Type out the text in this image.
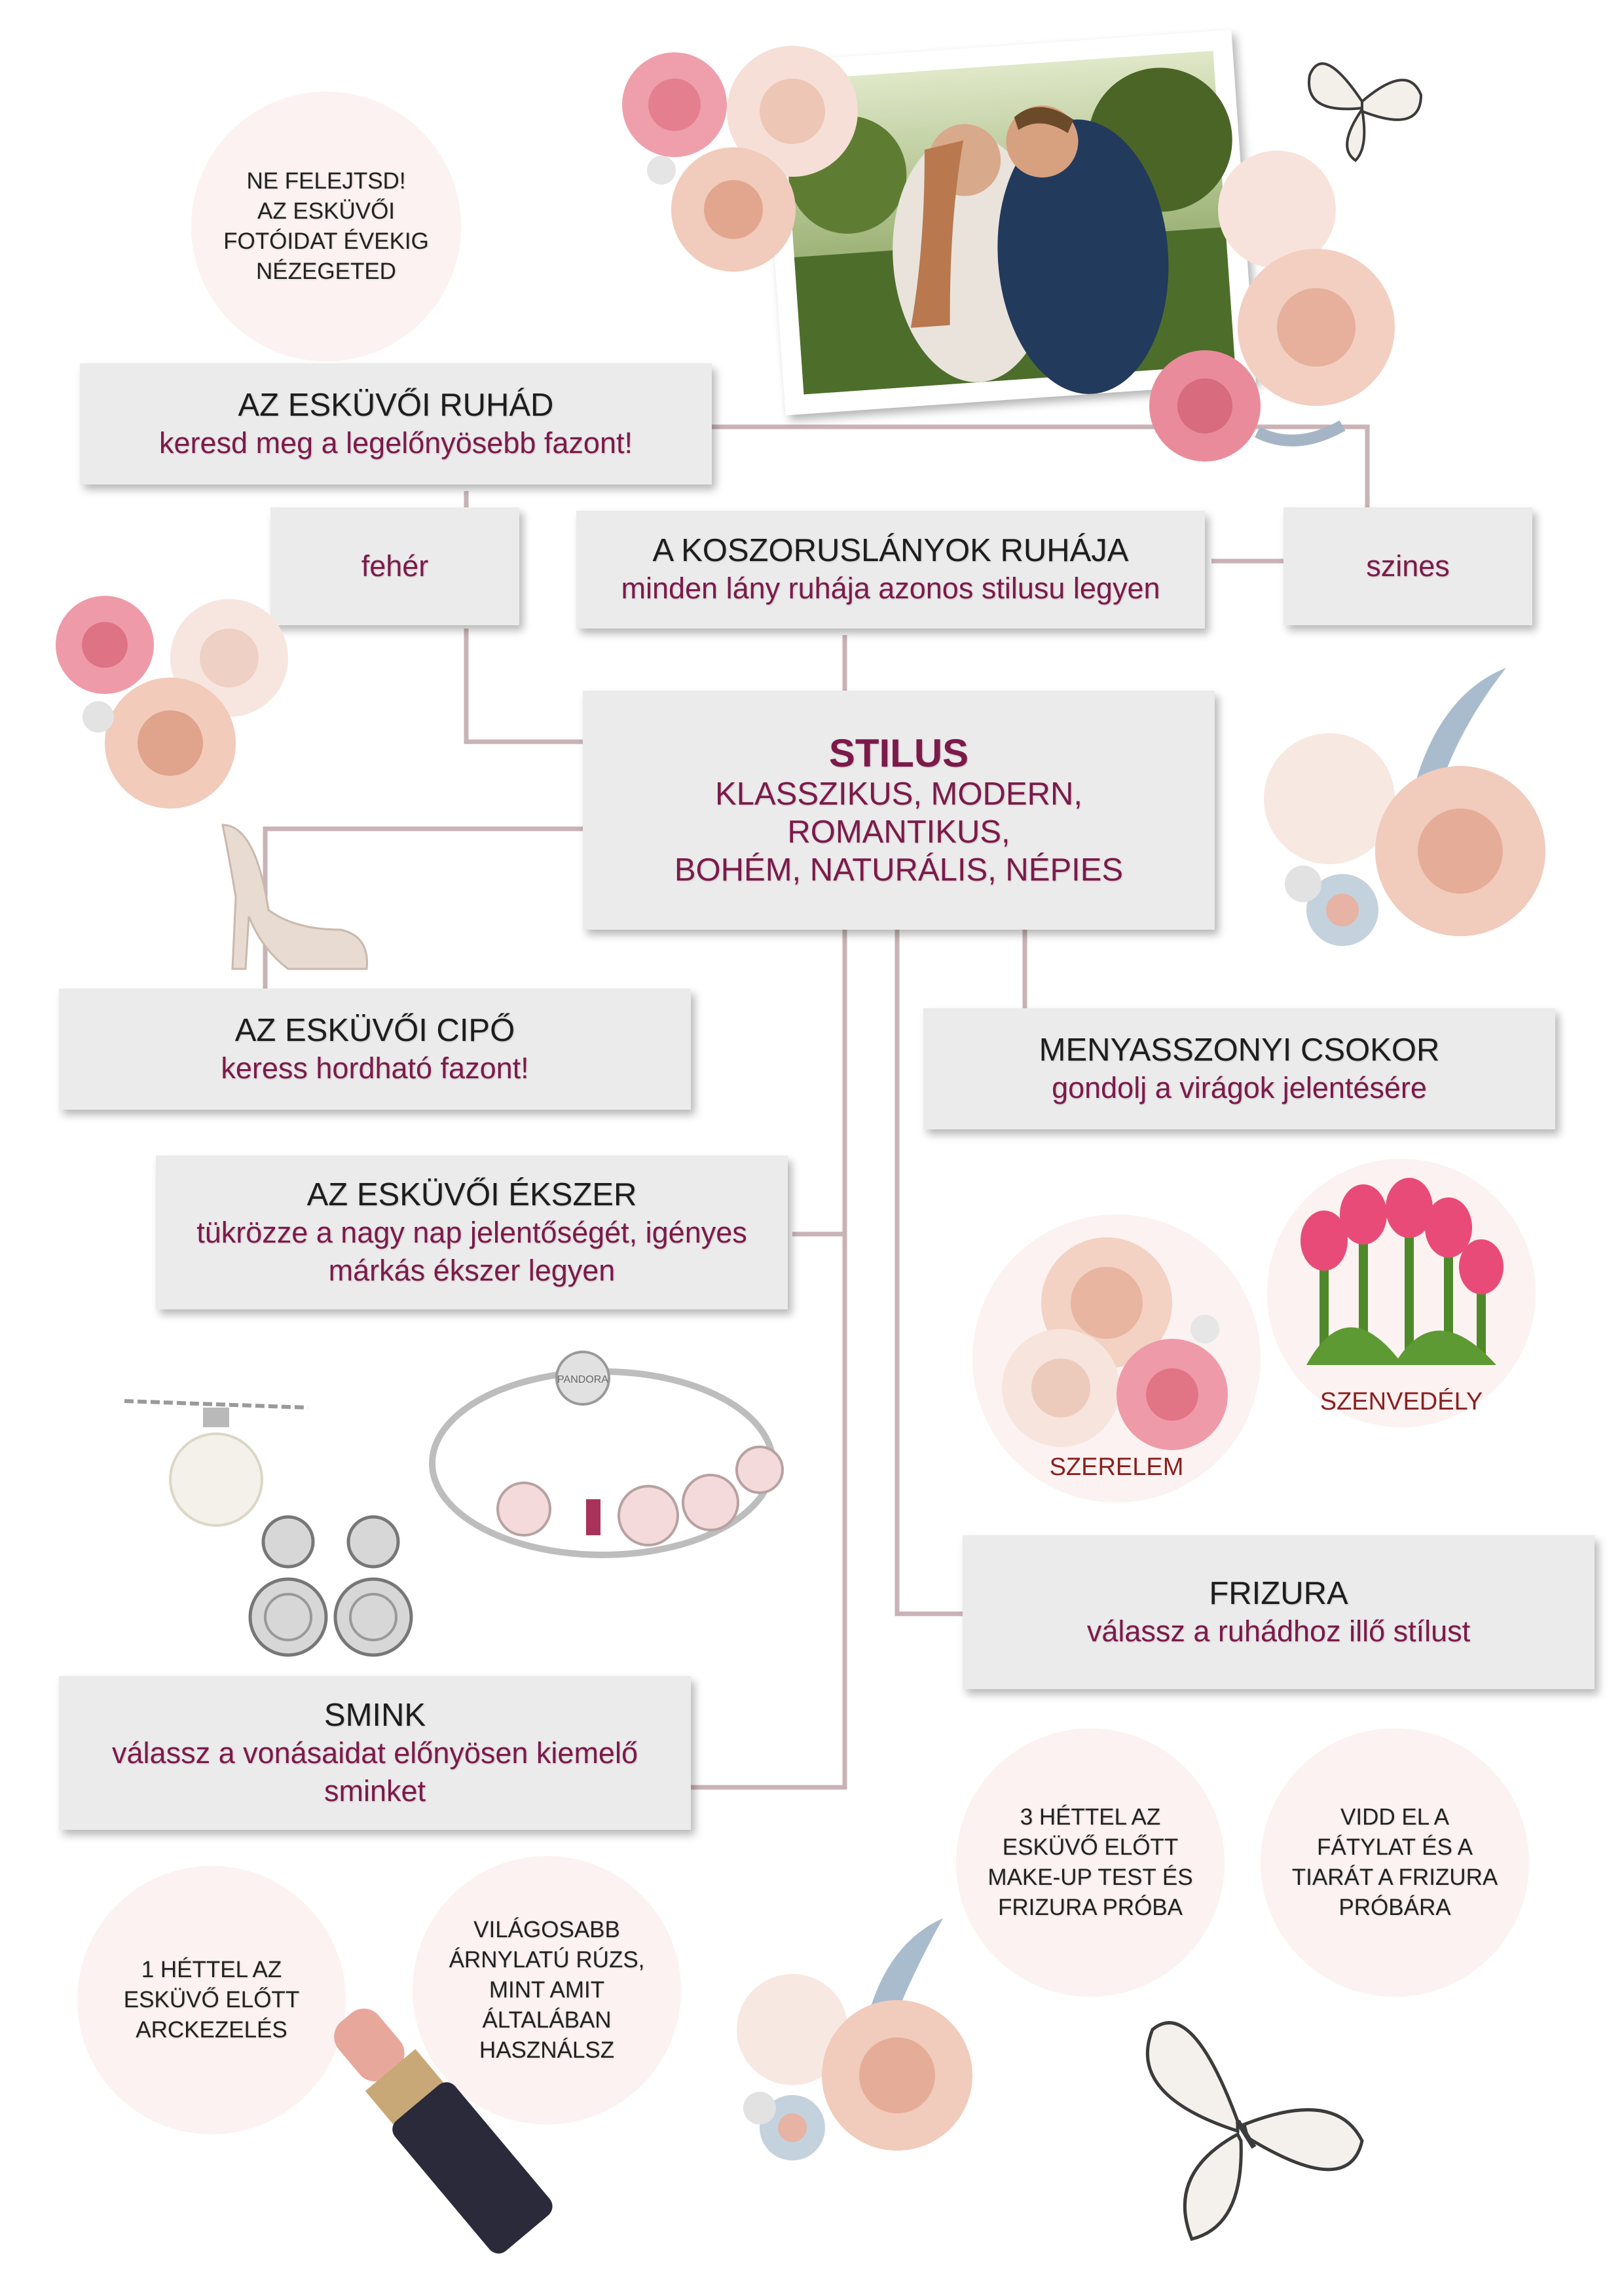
NE FELEJTSD!
AZ ESKÜVŐI
FOTÓIDAT ÉVEKIG
NÉZEGETED
AZ ESKÜVŐI RUHÁD
keresd meg a legelőnyösebb fazont!
fehér	A KOSZORUSLÁNYOK RUHÁJA
minden lány ruhája azonos stilusu legyen
szines
STILUS
KLASSZIKUS, MODERN, ROMANTIKUS,
BOHÉM, NATURÁLIS, NÉPIES
AZ ESKÜVŐI CIPŐ
keress hordható fazont!
MENYASSZONYI CSOKOR
gondolj a virágok jelentésére
AZ ESKÜVŐI ÉKSZER
tükrözze a nagy nap jelentőségét, igényes
márkás ékszer legyen
SZERELEM
SZENVEDÉLY
PANDORA
FRIZURA
válassz a ruhádhoz illő stílust
SMINK
válassz a vonásaidat előnyösen kiemelő
sminket
3 HÉTTEL AZ
ESKÜVŐ ELŐTT
MAKE-UP TEST ÉS
FRIZURA PRÓBA
VIDD EL A
FÁTYLAT ÉS A
TIARÁT A FRIZURA
PRÓBÁRA
1 HÉTTEL AZ
ESKÜVŐ ELŐTT
ARCKEZELÉS
VILÁGOSABB
ÁRNYLATÚ RÚZS,
MINT AMIT
ÁLTALÁBAN
HASZNÁLSZ
